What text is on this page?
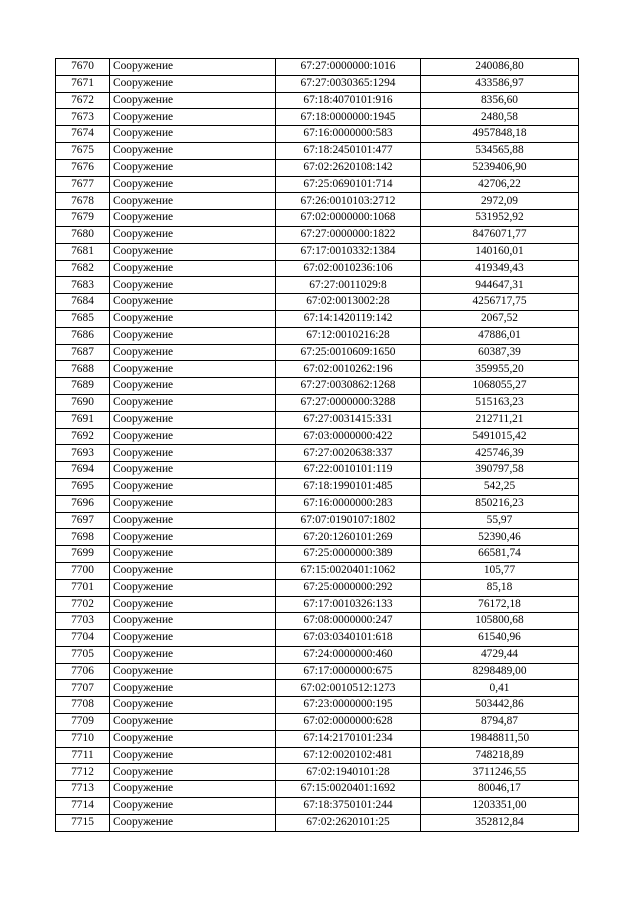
7670	Сооружение	67:27:0000000:1016	240086,80
7671	Сооружение	67:27:0030365:1294	433586,97
7672	Сооружение	67:18:4070101:916	8356,60
7673	Сооружение	67:18:0000000:1945	2480,58
7674	Сооружение	67:16:0000000:583	4957848,18
7675	Сооружение	67:18:2450101:477	534565,88
7676	Сооружение	67:02:2620108:142	5239406,90
7677	Сооружение	67:25:0690101:714	42706,22
7678	Сооружение	67:26:0010103:2712	2972,09
7679	Сооружение	67:02:0000000:1068	531952,92
7680	Сооружение	67:27:0000000:1822	8476071,77
7681	Сооружение	67:17:0010332:1384	140160,01
7682	Сооружение	67:02:0010236:106	419349,43
7683	Сооружение	67:27:0011029:8	944647,31
7684	Сооружение	67:02:0013002:28	4256717,75
7685	Сооружение	67:14:1420119:142	2067,52
7686	Сооружение	67:12:0010216:28	47886,01
7687	Сооружение	67:25:0010609:1650	60387,39
7688	Сооружение	67:02:0010262:196	359955,20
7689	Сооружение	67:27:0030862:1268	1068055,27
7690	Сооружение	67:27:0000000:3288	515163,23
7691	Сооружение	67:27:0031415:331	212711,21
7692	Сооружение	67:03:0000000:422	5491015,42
7693	Сооружение	67:27:0020638:337	425746,39
7694	Сооружение	67:22:0010101:119	390797,58
7695	Сооружение	67:18:1990101:485	542,25
7696	Сооружение	67:16:0000000:283	850216,23
7697	Сооружение	67:07:0190107:1802	55,97
7698	Сооружение	67:20:1260101:269	52390,46
7699	Сооружение	67:25:0000000:389	66581,74
7700	Сооружение	67:15:0020401:1062	105,77
7701	Сооружение	67:25:0000000:292	85,18
7702	Сооружение	67:17:0010326:133	76172,18
7703	Сооружение	67:08:0000000:247	105800,68
7704	Сооружение	67:03:0340101:618	61540,96
7705	Сооружение	67:24:0000000:460	4729,44
7706	Сооружение	67:17:0000000:675	8298489,00
7707	Сооружение	67:02:0010512:1273	0,41
7708	Сооружение	67:23:0000000:195	503442,86
7709	Сооружение	67:02:0000000:628	8794,87
7710	Сооружение	67:14:2170101:234	19848811,50
7711	Сооружение	67:12:0020102:481	748218,89
7712	Сооружение	67:02:1940101:28	3711246,55
7713	Сооружение	67:15:0020401:1692	80046,17
7714	Сооружение	67:18:3750101:244	1203351,00
7715	Сооружение	67:02:2620101:25	352812,84
